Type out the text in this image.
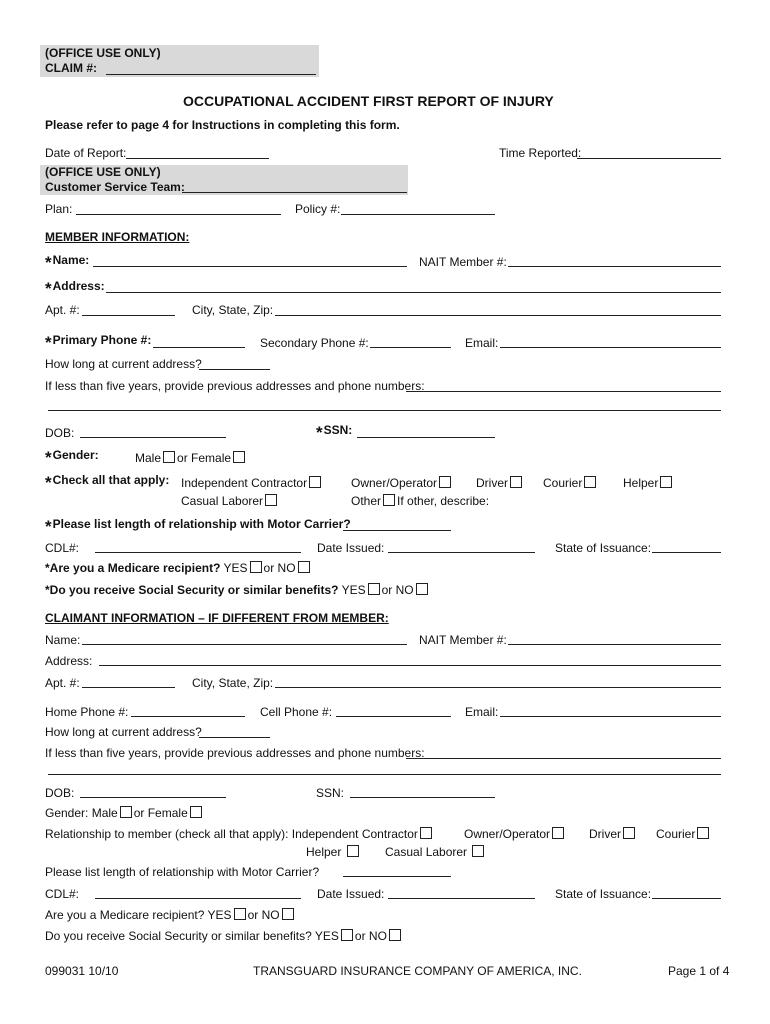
(OFFICE USE ONLY)
CLAIM #:
OCCUPATIONAL ACCIDENT FIRST REPORT OF INJURY
Please refer to page 4 for Instructions in completing this form.
Date of Report:	Time Reported:
(OFFICE USE ONLY)
Customer Service Team:
Plan:	Policy #:
MEMBER INFORMATION:
*Name:	NAIT Member #:
*Address:
Apt. #:	City, State, Zip:
*Primary Phone #:	Secondary Phone #:	Email:
How long at current address?
If less than five years, provide previous addresses and phone numbers:
DOB:	*SSN:
*Gender:	Male or Female
*Check all that apply: Independent Contractor	Owner/Operator	Driver	Courier	Helper
Casual Laborer	Other If other, describe:
*Please list length of relationship with Motor Carrier?
CDL#:	Date Issued:	State of Issuance:
*Are you a Medicare recipient? YES or NO
*Do you receive Social Security or similar benefits? YES or NO
CLAIMANT INFORMATION – IF DIFFERENT FROM MEMBER:
Name:	NAIT Member #:
Address:
Apt. #:	City, State, Zip:
Home Phone #:	Cell Phone #:	Email:
How long at current address?
If less than five years, provide previous addresses and phone numbers:
DOB:	SSN:
Gender: Male or Female
Relationship to member (check all that apply): Independent Contractor	Owner/Operator	Driver	Courier
Helper	Casual Laborer
Please list length of relationship with Motor Carrier?
CDL#:	Date Issued:	State of Issuance:
Are you a Medicare recipient? YES or NO
Do you receive Social Security or similar benefits? YES or NO
099031 10/10	TRANSGUARD INSURANCE COMPANY OF AMERICA, INC.	Page 1 of 4
